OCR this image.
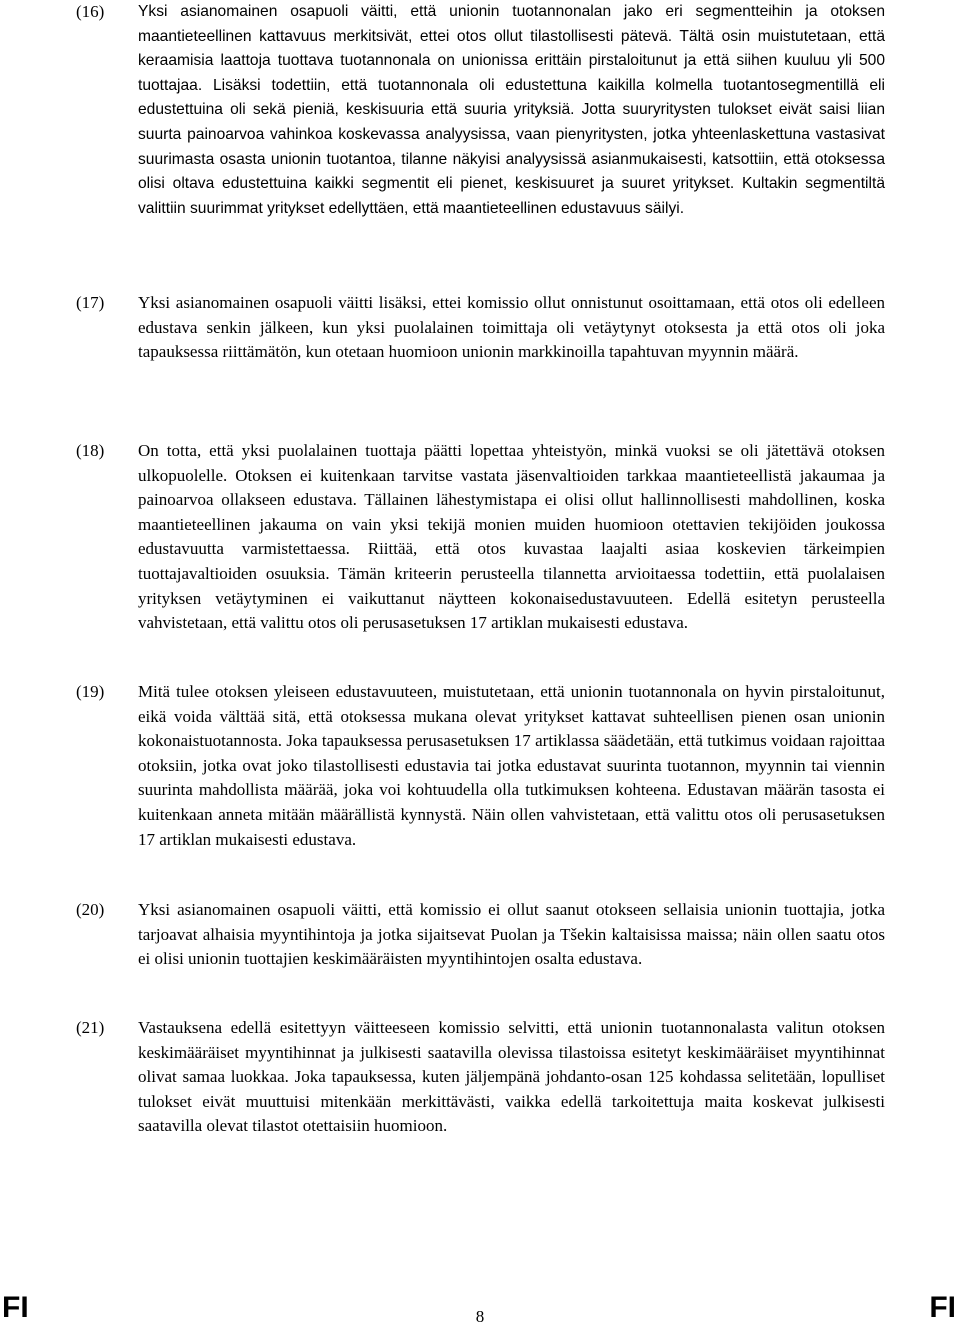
(16)	Yksi asianomainen osapuoli väitti, että unionin tuotannonalan jako eri segmentteihin ja otoksen maantieteellinen kattavuus merkitsivät, ettei otos ollut tilastollisesti pätevä. Tältä osin muistutetaan, että keraamisia laattoja tuottava tuotannonala on unionissa erittäin pirstaloitunut ja että siihen kuuluu yli 500 tuottajaa. Lisäksi todettiin, että tuotannonala oli edustettuna kaikilla kolmella tuotantosegmentillä eli edustettuina oli sekä pieniä, keskisuuria että suuria yrityksiä. Jotta suuryritysten tulokset eivät saisi liian suurta painoarvoa vahinkoa koskevassa analyysissa, vaan pienyritysten, jotka yhteenlaskettuna vastasivat suurimasta osasta unionin tuotantoa, tilanne näkyisi analyysissä asianmukaisesti, katsottiin, että otoksessa olisi oltava edustettuina kaikki segmentit eli pienet, keskisuuret ja suuret yritykset. Kultakin segmentiltä valittiin suurimmat yritykset edellyttäen, että maantieteellinen edustavuus säilyi.
(17)	Yksi asianomainen osapuoli väitti lisäksi, ettei komissio ollut onnistunut osoittamaan, että otos oli edelleen edustava senkin jälkeen, kun yksi puolalainen toimittaja oli vetäytynyt otoksesta ja että otos oli joka tapauksessa riittämätön, kun otetaan huomioon unionin markkinoilla tapahtuvan myynnin määrä.
(18)	On totta, että yksi puolalainen tuottaja päätti lopettaa yhteistyön, minkä vuoksi se oli jätettävä otoksen ulkopuolelle. Otoksen ei kuitenkaan tarvitse vastata jäsenvaltioiden tarkkaa maantieteellistä jakaumaa ja painoarvoa ollakseen edustava. Tällainen lähestymistapa ei olisi ollut hallinnollisesti mahdollinen, koska maantieteellinen jakauma on vain yksi tekijä monien muiden huomioon otettavien tekijöiden joukossa edustavuutta varmistettaessa. Riittää, että otos kuvastaa laajalti asiaa koskevien tärkeimpien tuottajavaltioiden osuuksia. Tämän kriteerin perusteella tilannetta arvioitaessa todettiin, että puolalaisen yrityksen vetäytyminen ei vaikuttanut näytteen kokonaisedustavuuteen. Edellä esitetyn perusteella vahvistetaan, että valittu otos oli perusasetuksen 17 artiklan mukaisesti edustava.
(19)	Mitä tulee otoksen yleiseen edustavuuteen, muistutetaan, että unionin tuotannonala on hyvin pirstaloitunut, eikä voida välttää sitä, että otoksessa mukana olevat yritykset kattavat suhteellisen pienen osan unionin kokonaistuotannosta. Joka tapauksessa perusasetuksen 17 artiklassa säädetään, että tutkimus voidaan rajoittaa otoksiin, jotka ovat joko tilastollisesti edustavia tai jotka edustavat suurinta tuotannon, myynnin tai viennin suurinta mahdollista määrää, joka voi kohtuudella olla tutkimuksen kohteena. Edustavan määrän tasosta ei kuitenkaan anneta mitään määrällistä kynnystä. Näin ollen vahvistetaan, että valittu otos oli perusasetuksen 17 artiklan mukaisesti edustava.
(20)	Yksi asianomainen osapuoli väitti, että komissio ei ollut saanut otokseen sellaisia unionin tuottajia, jotka tarjoavat alhaisia myyntihintoja ja jotka sijaitsevat Puolan ja Tšekin kaltaisissa maissa; näin ollen saatu otos ei olisi unionin tuottajien keskimääräisten myyntihintojen osalta edustava.
(21)	Vastauksena edellä esitettyyn väitteeseen komissio selvitti, että unionin tuotannonalasta valitun otoksen keskimääräiset myyntihinnat ja julkisesti saatavilla olevissa tilastoissa esitetyt keskimääräiset myyntihinnat olivat samaa luokkaa. Joka tapauksessa, kuten jäljempänä johdanto-osan 125 kohdassa selitetään, lopulliset tulokset eivät muuttuisi mitenkään merkittävästi, vaikka edellä tarkoitettuja maita koskevat julkisesti saatavilla olevat tilastot otettaisiin huomioon.
FI	8	FI
